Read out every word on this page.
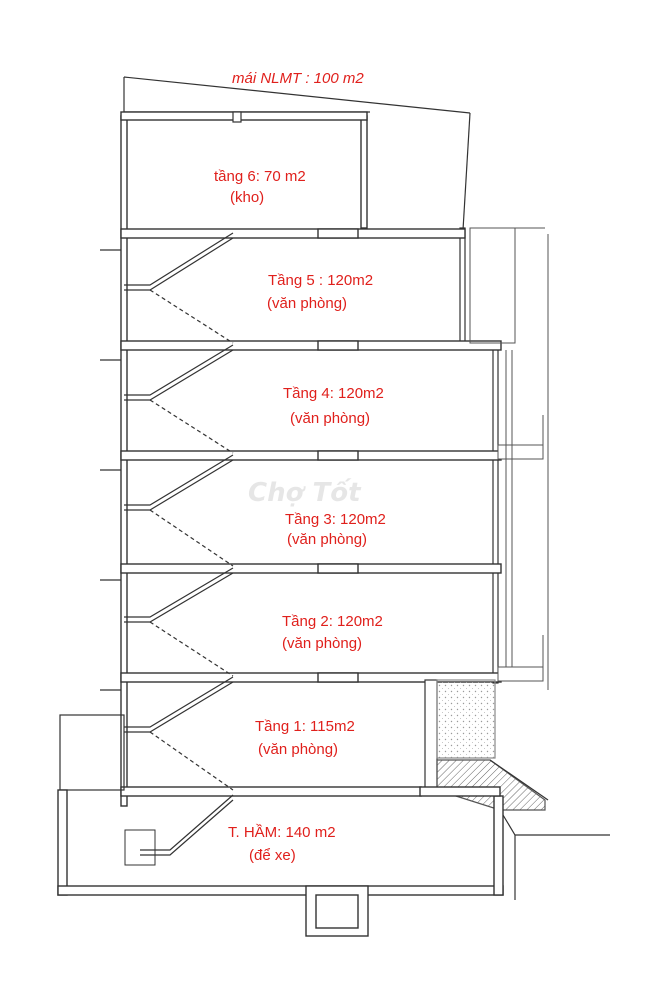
mái NLMT : 100 m2
tầng 6: 70 m2
(kho)
Tầng 5 : 120m2
(văn phòng)
Tầng 4: 120m2
(văn phòng)
Tầng 3: 120m2
(văn phòng)
Tầng 2: 120m2
(văn phòng)
Tầng 1: 115m2
(văn phòng)
T. HẦM: 140 m2
(để xe)
Chợ Tốt
